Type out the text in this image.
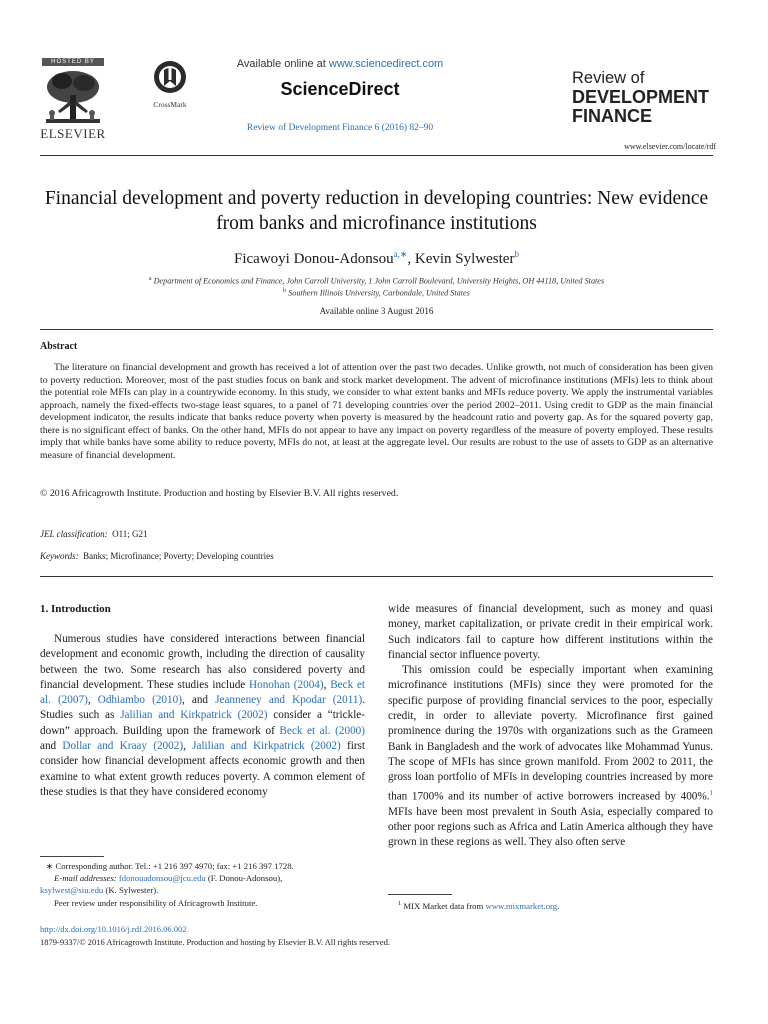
HOSTED BY
ELSEVIER
CrossMark
Available online at www.sciencedirect.com
ScienceDirect
Review of Development Finance 6 (2016) 82–90
Review of
DEVELOPMENT
FINANCE
www.elsevier.com/locate/rdf
Financial development and poverty reduction in developing countries: New evidence from banks and microfinance institutions
Ficawoyi Donou-Adonsou$^{a,∗}$, Kevin Sylwester$^b$
$^a$ Department of Economics and Finance, John Carroll University, 1 John Carroll Boulevard, University Heights, OH 44118, United States
$^b$ Southern Illinois University, Carbondale, United States
Available online 3 August 2016
Abstract
The literature on financial development and growth has received a lot of attention over the past two decades. Unlike growth, not much of consideration has been given to poverty reduction. Moreover, most of the past studies focus on bank and stock market development. The advent of microfinance institutions (MFIs) lets to think about the potential role MFIs can play in a countrywide economy. In this study, we consider to what extent banks and MFIs reduce poverty. We apply the instrumental variables approach, namely the fixed-effects two-stage least squares, to a panel of 71 developing countries over the period 2002–2011. Using credit to GDP as the main financial development indicator, the results indicate that banks reduce poverty when poverty is measured by the headcount ratio and poverty gap. As for the squared poverty gap, there is no significant effect of banks. On the other hand, MFIs do not appear to have any impact on poverty regardless of the measure of poverty employed. These results imply that while banks have some ability to reduce poverty, MFIs do not, at least at the aggregate level. Our results are robust to the use of assets to GDP as an alternative measure of financial development.
© 2016 Africagrowth Institute. Production and hosting by Elsevier B.V. All rights reserved.
JEL classification: O11; G21
Keywords: Banks; Microfinance; Poverty; Developing countries
1. Introduction

Numerous studies have considered interactions between financial development and economic growth, including the direction of causality between the two. Some research has also considered poverty and financial development. These studies include Honohan (2004), Beck et al. (2007), Odhiambo (2010), and Jeanneney and Kpodar (2011). Studies such as Jalilian and Kirkpatrick (2002) consider a “trickle-down” approach. Building upon the framework of Beck et al. (2000) and Dollar and Kraay (2002), Jalilian and Kirkpatrick (2002) first consider how financial development affects economic growth and then examine to what extent growth reduces poverty. A common element of these studies is that they have considered economy

wide measures of financial development, such as money and quasi money, market capitalization, or private credit in their empirical work. Such indicators fail to capture how different institutions within the financial sector influence poverty.

This omission could be especially important when examining microfinance institutions (MFIs) since they were promoted for the specific purpose of providing financial services to the poor, especially credit, in order to alleviate poverty. Microfinance first gained prominence during the 1970s with organizations such as the Grameen Bank in Bangladesh and the work of advocates like Mohammad Yunus. The scope of MFIs has since grown manifold. From 2002 to 2011, the gross loan portfolio of MFIs in developing countries increased by more than 1700% and its number of active borrowers increased by 400%.$^1$ MFIs have been most prevalent in South Asia, especially compared to other poor regions such as Africa and Latin America although they have grown in these regions as well. They also often serve

∗ Corresponding author. Tel.: +1 216 397 4970; fax: +1 216 397 1728.
E-mail addresses: fdonouadonsou@jcu.edu (F. Donou-Adonsou),
ksylwest@siu.edu (K. Sylwester).
Peer review under responsibility of Africagrowth Institute.	$^1$ MIX Market data from www.mixmarket.org.
http://dx.doi.org/10.1016/j.rdf.2016.06.002
1879-9337/© 2016 Africagrowth Institute. Production and hosting by Elsevier B.V. All rights reserved.
